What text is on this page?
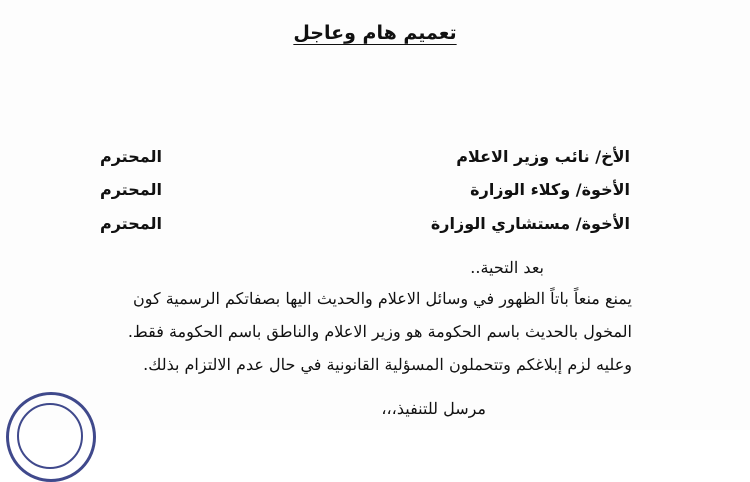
تعميم هام وعاجل
الأخ/ نائب وزير الاعلام
المحترم
الأخوة/ وكلاء الوزارة
المحترم
الأخوة/ مستشاري الوزارة
المحترم
بعد التحية..
يمنع منعاً باتاً الظهور في وسائل الاعلام والحديث اليها بصفاتكم الرسمية كون
المخول بالحديث باسم الحكومة هو وزير الاعلام والناطق باسم الحكومة فقط.
وعليه لزم إبلاغكم وتتحملون المسؤلية القانونية في حال عدم الالتزام بذلك.
مرسل للتنفيذ،،،
